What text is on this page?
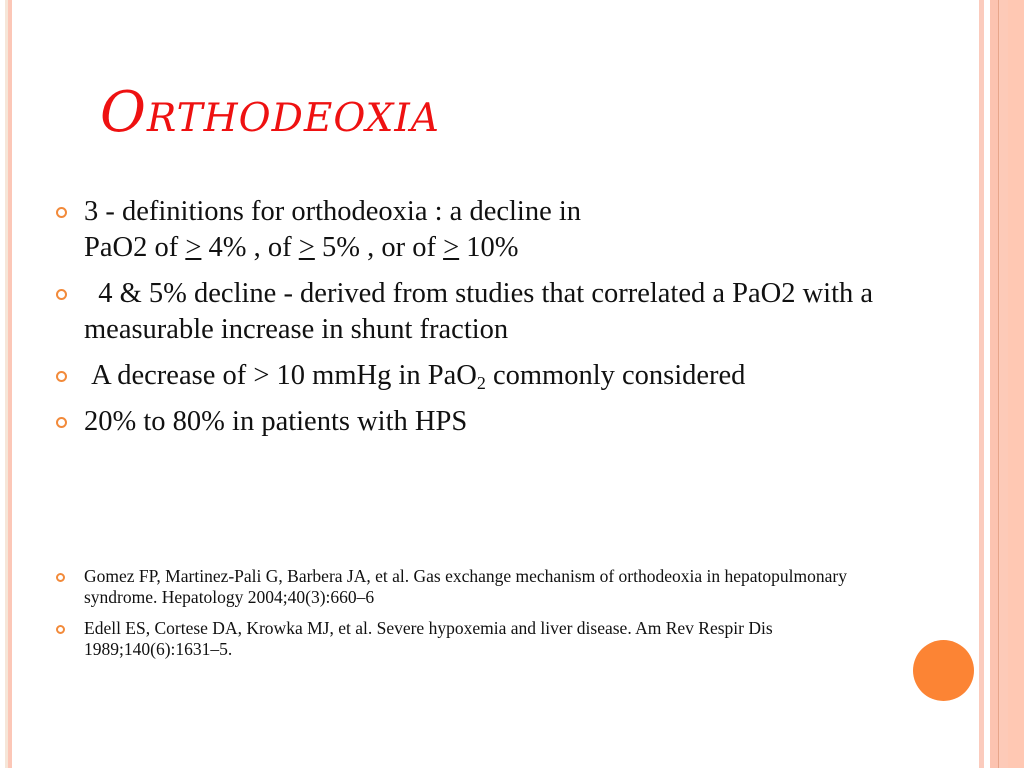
Orthodeoxia
3 - definitions for orthodeoxia : a decline in
PaO2 of ≥ 4% , of ≥ 5% , or of ≥ 10%
4 & 5% decline - derived from studies that correlated a PaO2 with a measurable increase in shunt fraction
A decrease of > 10 mmHg in PaO$_2$ commonly considered
20% to 80% in patients with HPS
Gomez FP, Martinez-Pali G, Barbera JA, et al. Gas exchange mechanism of orthodeoxia in hepatopulmonary syndrome. Hepatology 2004;40(3):660–6
Edell ES, Cortese DA, Krowka MJ, et al. Severe hypoxemia and liver disease. Am Rev Respir Dis 1989;140(6):1631–5.
